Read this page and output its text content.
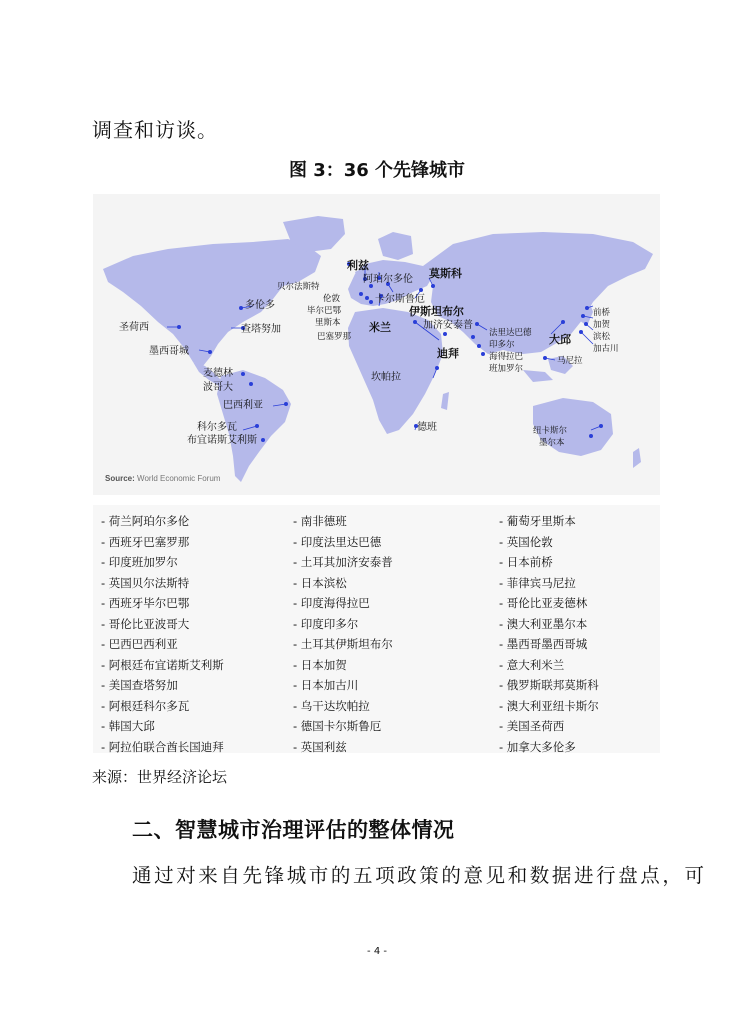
调查和访谈。
图 3：36 个先锋城市
利兹
阿珀尔多伦 莫斯科
贝尔法斯特
伦敦	卡尔斯鲁厄
毕尔巴鄂	伊斯坦布尔
里斯本	米兰	加济安泰普
巴塞罗那
多伦多
圣荷西	查塔努加
墨西哥城	迪拜
麦德林
波哥大
巴西利亚
坎帕拉
科尔多瓦
布宜诺斯艾利斯
德班
法里达巴德
印多尔
海得拉巴
班加罗尔
大邱
前桥
加贺
滨松
加古川
马尼拉
纽卡斯尔
墨尔本
Source: World Economic Forum
- 荷兰阿珀尔多伦
- 西班牙巴塞罗那
- 印度班加罗尔
- 英国贝尔法斯特
- 西班牙毕尔巴鄂
- 哥伦比亚波哥大
- 巴西巴西利亚
- 阿根廷布宜诺斯艾利斯
- 美国查塔努加
- 阿根廷科尔多瓦
- 韩国大邱
- 阿拉伯联合酋长国迪拜
- 南非德班
- 印度法里达巴德
- 土耳其加济安泰普
- 日本滨松
- 印度海得拉巴
- 印度印多尔
- 土耳其伊斯坦布尔
- 日本加贺
- 日本加古川
- 乌干达坎帕拉
- 德国卡尔斯鲁厄
- 英国利兹
- 葡萄牙里斯本
- 英国伦敦
- 日本前桥
- 菲律宾马尼拉
- 哥伦比亚麦德林
- 澳大利亚墨尔本
- 墨西哥墨西哥城
- 意大利米兰
- 俄罗斯联邦莫斯科
- 澳大利亚纽卡斯尔
- 美国圣荷西
- 加拿大多伦多
来源：世界经济论坛
二、智慧城市治理评估的整体情况
通过对来自先锋城市的五项政策的意见和数据进行盘点，可
- 4 -
